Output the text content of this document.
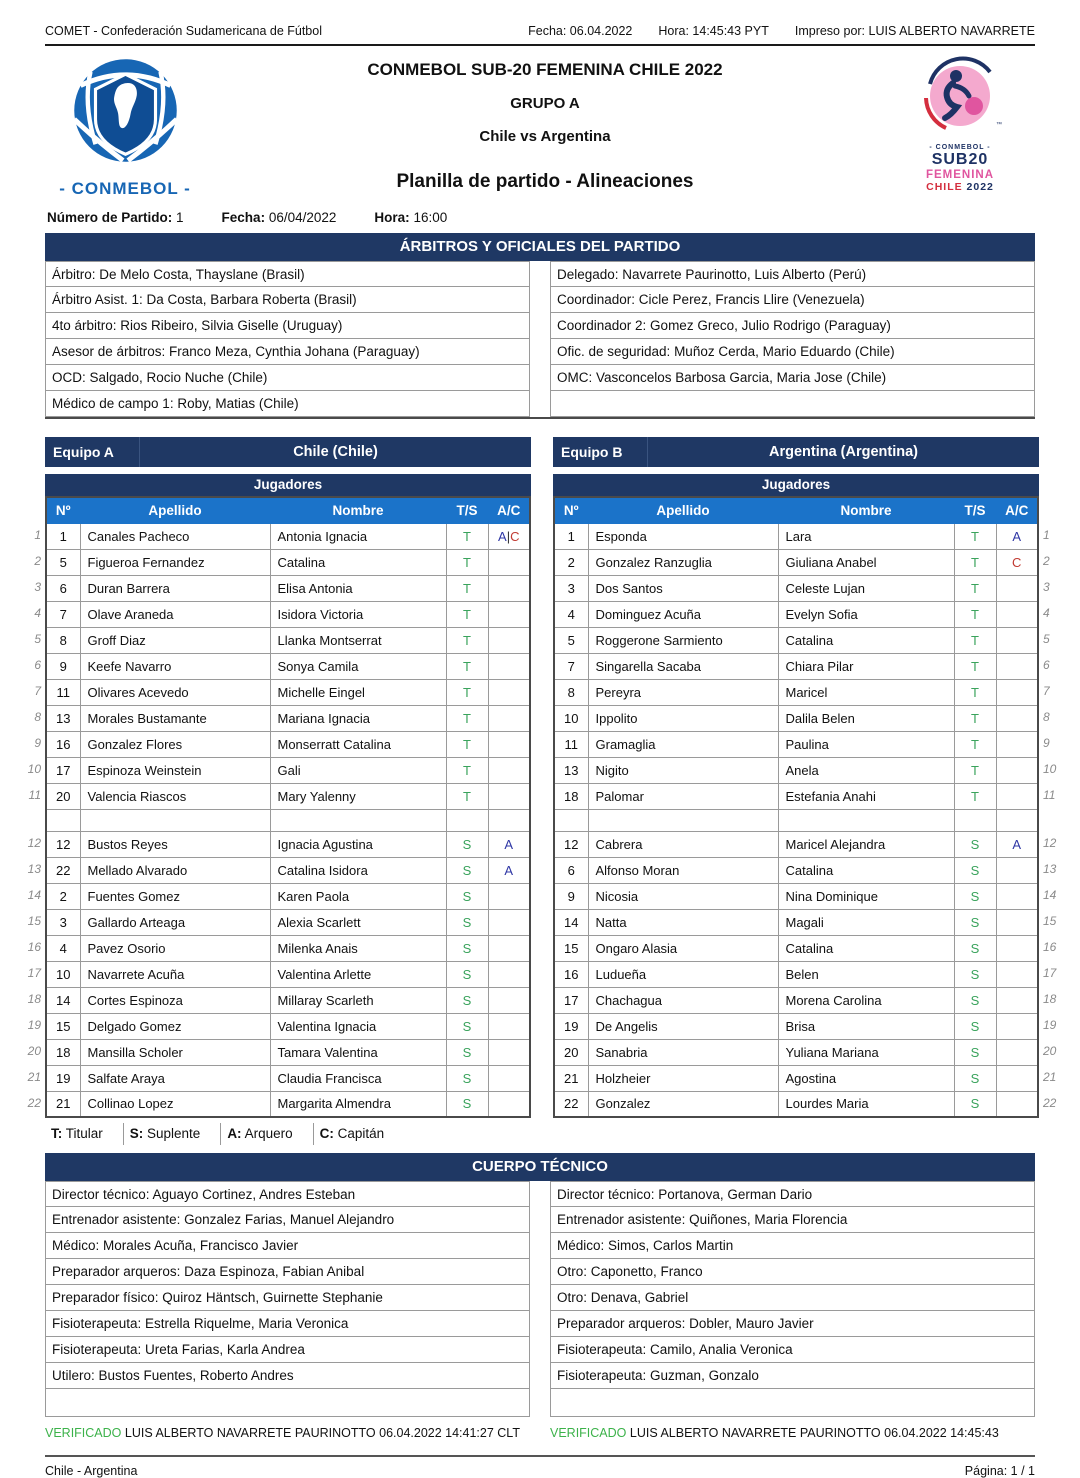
COMET - Confederación Sudamericana de Fútbol	Fecha: 06.04.2022 Hora: 14:45:43 PYT Impreso por: LUIS ALBERTO NAVARRETE
- CONMEBOL -
CONMEBOL SUB-20 FEMENINA CHILE 2022
GRUPO A
Chile vs Argentina
Planilla de partido - Alineaciones
™
- CONMEBOL -
SUB20
FEMENINA
CHILE 2022
Número de Partido: 1	Fecha: 06/04/2022	Hora: 16:00
ÁRBITROS Y OFICIALES DEL PARTIDO
Árbitro: De Melo Costa, Thayslane (Brasil)
Árbitro Asist. 1: Da Costa, Barbara Roberta (Brasil)
4to árbitro: Rios Ribeiro, Silvia Giselle (Uruguay)
Asesor de árbitros: Franco Meza, Cynthia Johana (Paraguay)
OCD: Salgado, Rocio Nuche (Chile)
Médico de campo 1: Roby, Matias (Chile)
Delegado: Navarrete Paurinotto, Luis Alberto (Perú)
Coordinador: Cicle Perez, Francis Llire (Venezuela)
Coordinador 2: Gomez Greco, Julio Rodrigo (Paraguay)
Ofic. de seguridad: Muñoz Cerda, Mario Eduardo (Chile)
OMC: Vasconcelos Barbosa Garcia, Maria Jose (Chile)
Equipo A	Chile (Chile)
Jugadores
Nº	Apellido	Nombre	T/S	A/C
1	Canales Pacheco	Antonia Ignacia	T	A|C
5	Figueroa Fernandez	Catalina	T	
6	Duran Barrera	Elisa Antonia	T	
7	Olave Araneda	Isidora Victoria	T	
8	Groff Diaz	Llanka Montserrat	T	
9	Keefe Navarro	Sonya Camila	T	
11	Olivares Acevedo	Michelle Eingel	T	
13	Morales Bustamante	Mariana Ignacia	T	
16	Gonzalez Flores	Monserratt Catalina	T	
17	Espinoza Weinstein	Gali	T	
20	Valencia Riascos	Mary Yalenny	T	

12	Bustos Reyes	Ignacia Agustina	S	A
22	Mellado Alvarado	Catalina Isidora	S	A
2	Fuentes Gomez	Karen Paola	S	
3	Gallardo Arteaga	Alexia Scarlett	S	
4	Pavez Osorio	Milenka Anais	S	
10	Navarrete Acuña	Valentina Arlette	S	
14	Cortes Espinoza	Millaray Scarleth	S	
15	Delgado Gomez	Valentina Ignacia	S	
18	Mansilla Scholer	Tamara Valentina	S	
19	Salfate Araya	Claudia Francisca	S	
21	Collinao Lopez	Margarita Almendra	S	
1
2
3
4
5
6
7
8
9
10
11
12
13
14
15
16
17
18
19
20
21
22
Equipo B	Argentina (Argentina)
Jugadores
Nº	Apellido	Nombre	T/S	A/C
1	Esponda	Lara	T	A
2	Gonzalez Ranzuglia	Giuliana Anabel	T	C
3	Dos Santos	Celeste Lujan	T	
4	Dominguez Acuña	Evelyn Sofia	T	
5	Roggerone Sarmiento	Catalina	T	
7	Singarella Sacaba	Chiara Pilar	T	
8	Pereyra	Maricel	T	
10	Ippolito	Dalila Belen	T	
11	Gramaglia	Paulina	T	
13	Nigito	Anela	T	
18	Palomar	Estefania Anahi	T	

12	Cabrera	Maricel Alejandra	S	A
6	Alfonso Moran	Catalina	S	
9	Nicosia	Nina Dominique	S	
14	Natta	Magali	S	
15	Ongaro Alasia	Catalina	S	
16	Ludueña	Belen	S	
17	Chachagua	Morena Carolina	S	
19	De Angelis	Brisa	S	
20	Sanabria	Yuliana Mariana	S	
21	Holzheier	Agostina	S	
22	Gonzalez	Lourdes Maria	S	
1
2
3
4
5
6
7
8
9
10
11
12
13
14
15
16
17
18
19
20
21
22
T: Titular	S: Suplente	A: Arquero	C: Capitán
CUERPO TÉCNICO
Director técnico: Aguayo Cortinez, Andres Esteban
Entrenador asistente: Gonzalez Farias, Manuel Alejandro
Médico: Morales Acuña, Francisco Javier
Preparador arqueros: Daza Espinoza, Fabian Anibal
Preparador físico: Quiroz Häntsch, Guirnette Stephanie
Fisioterapeuta: Estrella Riquelme, Maria Veronica
Fisioterapeuta: Ureta Farias, Karla Andrea
Utilero: Bustos Fuentes, Roberto Andres
Director técnico: Portanova, German Dario
Entrenador asistente: Quiñones, Maria Florencia
Médico: Simos, Carlos Martin
Otro: Caponetto, Franco
Otro: Denava, Gabriel
Preparador arqueros: Dobler, Mauro Javier
Fisioterapeuta: Camilo, Analia Veronica
Fisioterapeuta: Guzman, Gonzalo
VERIFICADO LUIS ALBERTO NAVARRETE PAURINOTTO 06.04.2022 14:41:27 CLT	VERIFICADO LUIS ALBERTO NAVARRETE PAURINOTTO 06.04.2022 14:45:43
Chile - Argentina	Página: 1 / 1
